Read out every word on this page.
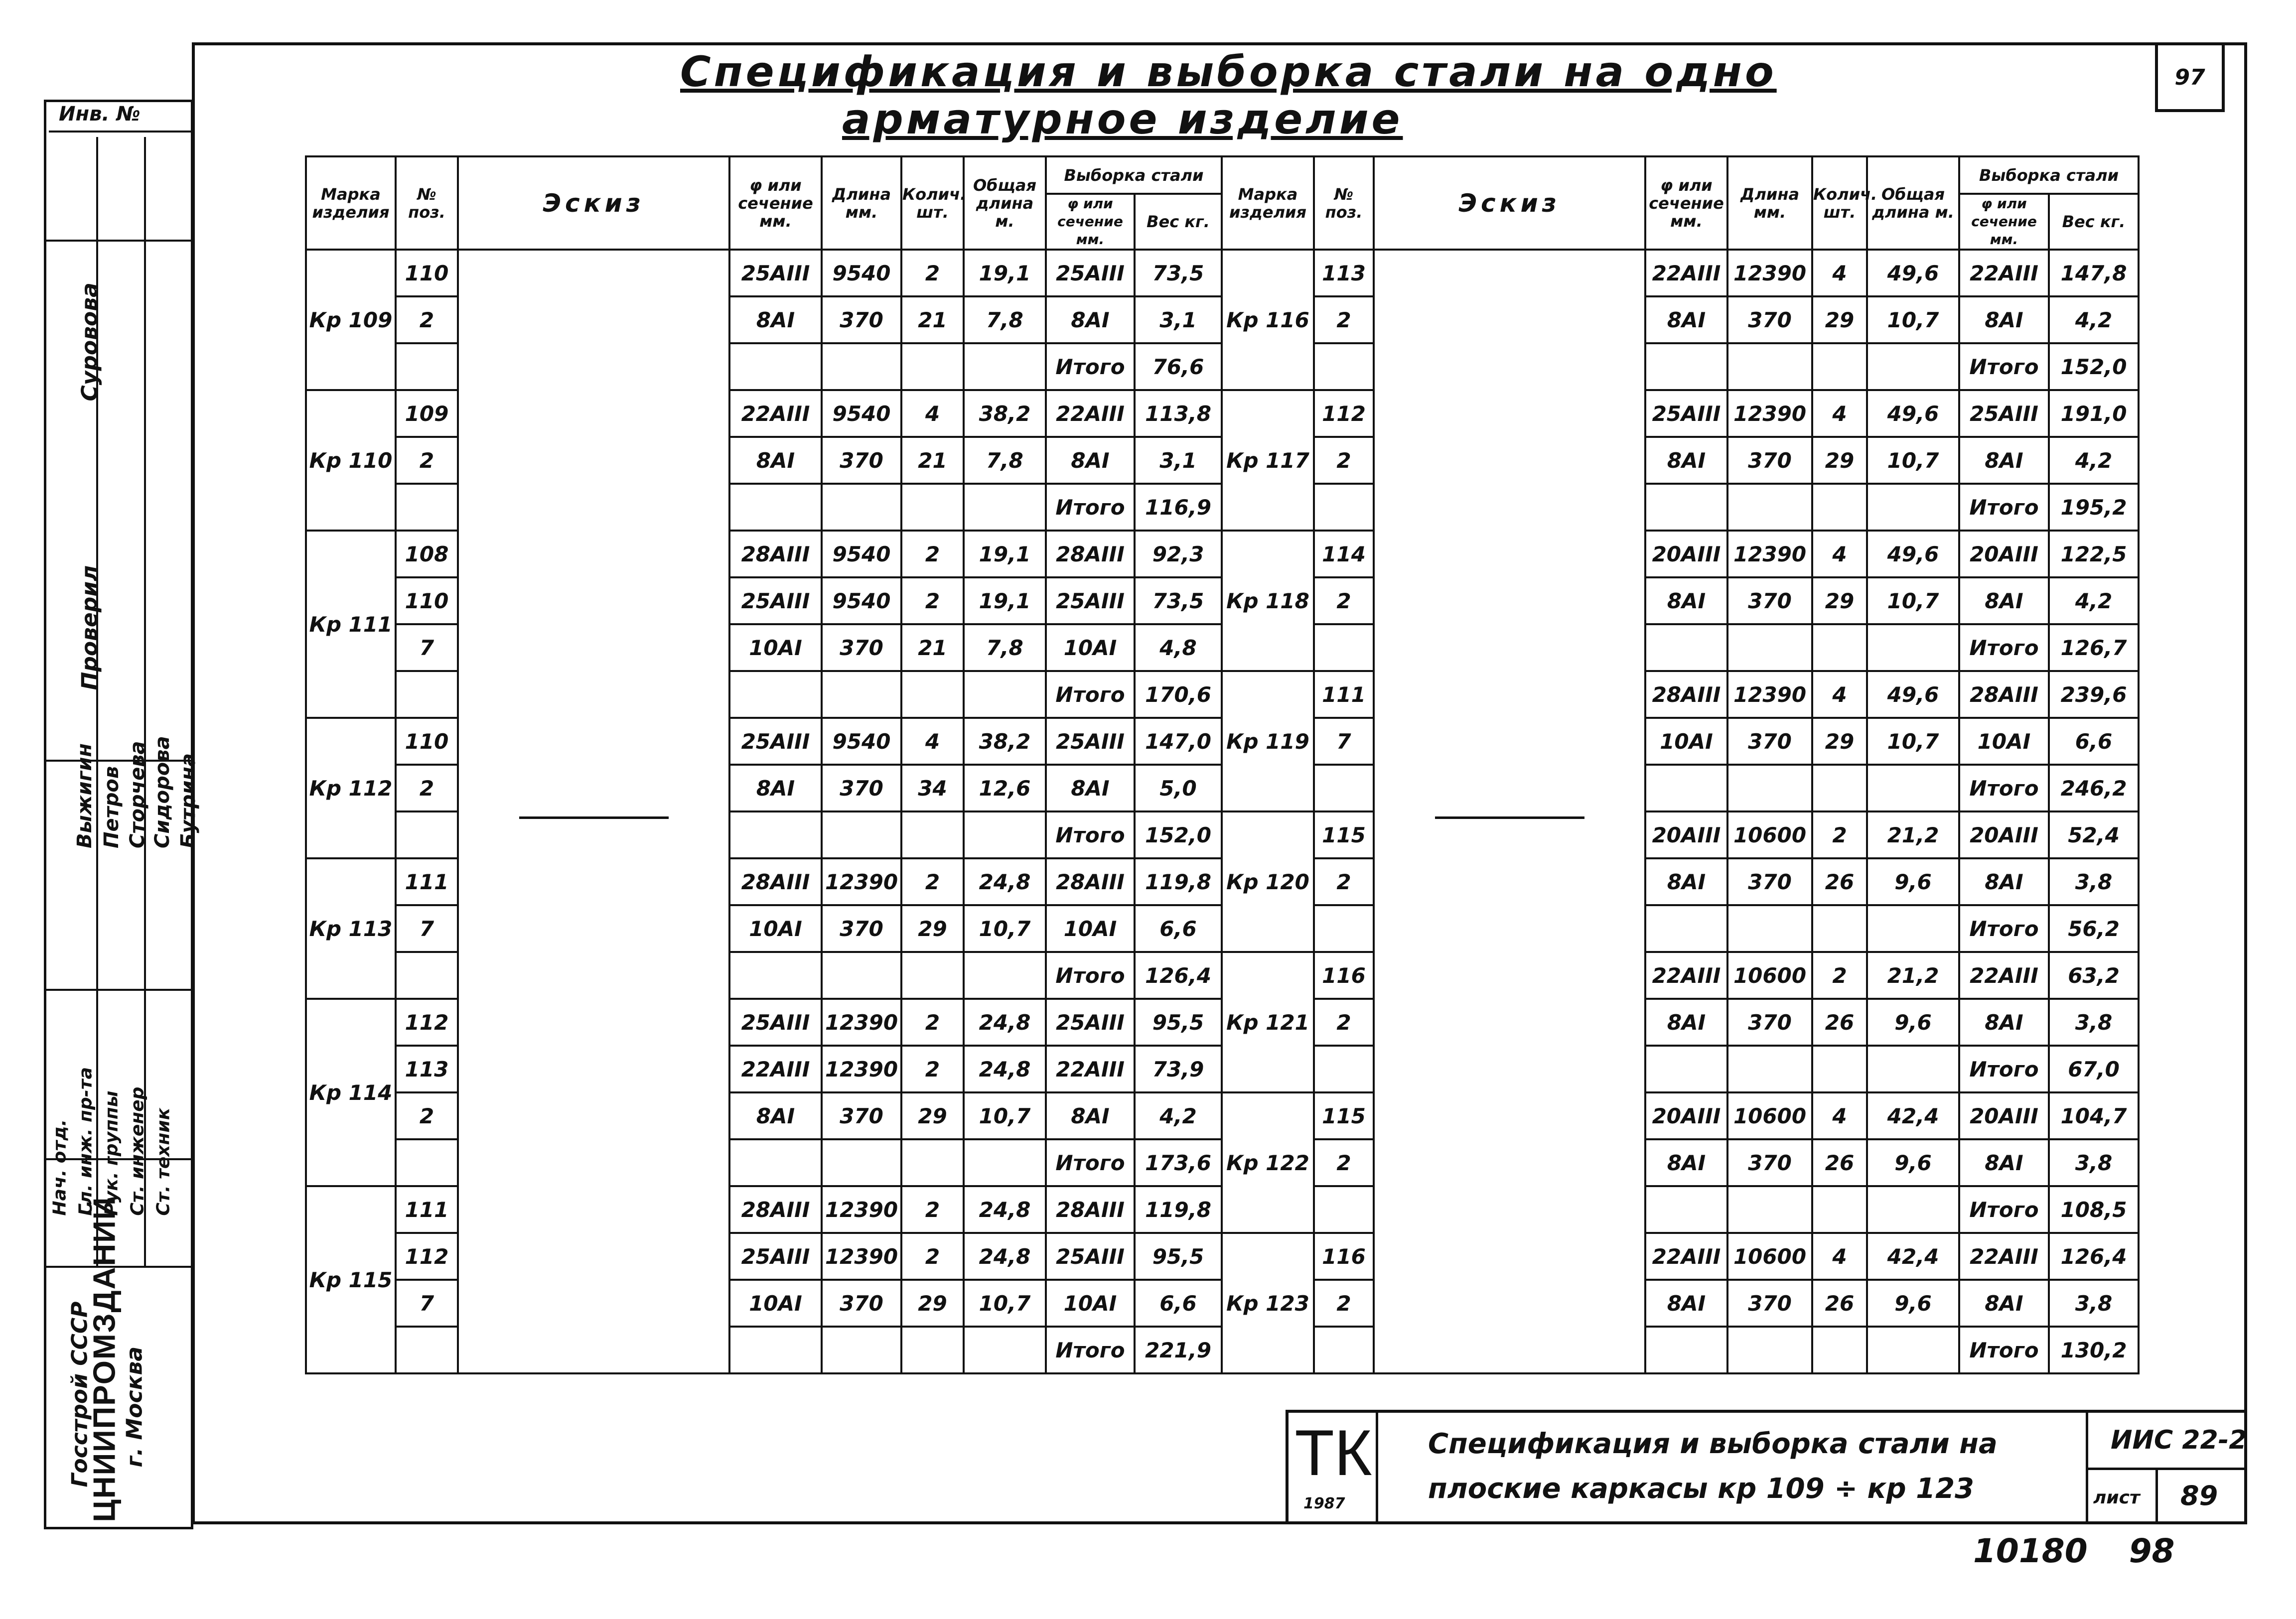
97
Спецификация и выборка стали на одно
арматурное изделие
Инв. №
Суровова
Проверил
Выжигин Петров Сторчева Сидорова Бутрина
Нач. отд. Гл. инж. пр-та Рук. группы Ст. инженер Ст. техник
Госстрой СССР
ЦНИИПРОМЗДАНИЙ г. Москва
Марка изделия	№ поз.	Эскиз	φ или сечение мм.	Длина мм.	Колич. шт.	Общая длина м.	Выборка стали	
							φ или сечение мм.	Вес кг.
Кр 109	110		25AIII	9540	2	19,1	25AIII	73,5
	2		8AI	370	21	7,8	8AI	3,1
							Итого	76,6
Кр 110	109		22AIII	9540	4	38,2	22AIII	113,8
	2		8AI	370	21	7,8	8AI	3,1
							Итого	116,9
Кр 111	108		28AIII	9540	2	19,1	28AIII	92,3
	110		25AIII	9540	2	19,1	25AIII	73,5
	7		10AI	370	21	7,8	10AI	4,8
							Итого	170,6
Кр 112	110		25AIII	9540	4	38,2	25AIII	147,0
	2		8AI	370	34	12,6	8AI	5,0
							Итого	152,0
Кр 113	111		28AIII	12390	2	24,8	28AIII	119,8
	7		10AI	370	29	10,7	10AI	6,6
							Итого	126,4
Кр 114	112		25AIII	12390	2	24,8	25AIII	95,5
	113		22AIII	12390	2	24,8	22AIII	73,9
	2		8AI	370	29	10,7	8AI	4,2
							Итого	173,6
Кр 115	111		28AIII	12390	2	24,8	28AIII	119,8
	112		25AIII	12390	2	24,8	25AIII	95,5
	7		10AI	370	29	10,7	10AI	6,6
							Итого	221,9
Марка изделия	№ поз.	Эскиз	φ или сечение мм.	Длина мм.	Колич. шт.	Общая длина м.	Выборка стали	
							φ или сечение мм.	Вес кг.
Кр 116	113		22AIII	12390	4	49,6	22AIII	147,8
	2		8AI	370	29	10,7	8AI	4,2
							Итого	152,0
Кр 117	112		25AIII	12390	4	49,6	25AIII	191,0
	2		8AI	370	29	10,7	8AI	4,2
							Итого	195,2
Кр 118	114		20AIII	12390	4	49,6	20AIII	122,5
	2		8AI	370	29	10,7	8AI	4,2
							Итого	126,7
Кр 119	111		28AIII	12390	4	49,6	28AIII	239,6
	7		10AI	370	29	10,7	10AI	6,6
							Итого	246,2
Кр 120	115		20AIII	10600	2	21,2	20AIII	52,4
	2		8AI	370	26	9,6	8AI	3,8
							Итого	56,2
Кр 121	116		22AIII	10600	2	21,2	22AIII	63,2
	2		8AI	370	26	9,6	8AI	3,8
							Итого	67,0
Кр 122	115		20AIII	10600	4	42,4	20AIII	104,7
	2		8AI	370	26	9,6	8AI	3,8
							Итого	108,5
Кр 123	116		22AIII	10600	4	42,4	22AIII	126,4
	2		8AI	370	26	9,6	8AI	3,8
							Итого	130,2
ТК
1987
Спецификация и выборка стали на
плоские каркасы кр 109 ÷ кр 123
ИИС 22-2
лист 89
10180 98
